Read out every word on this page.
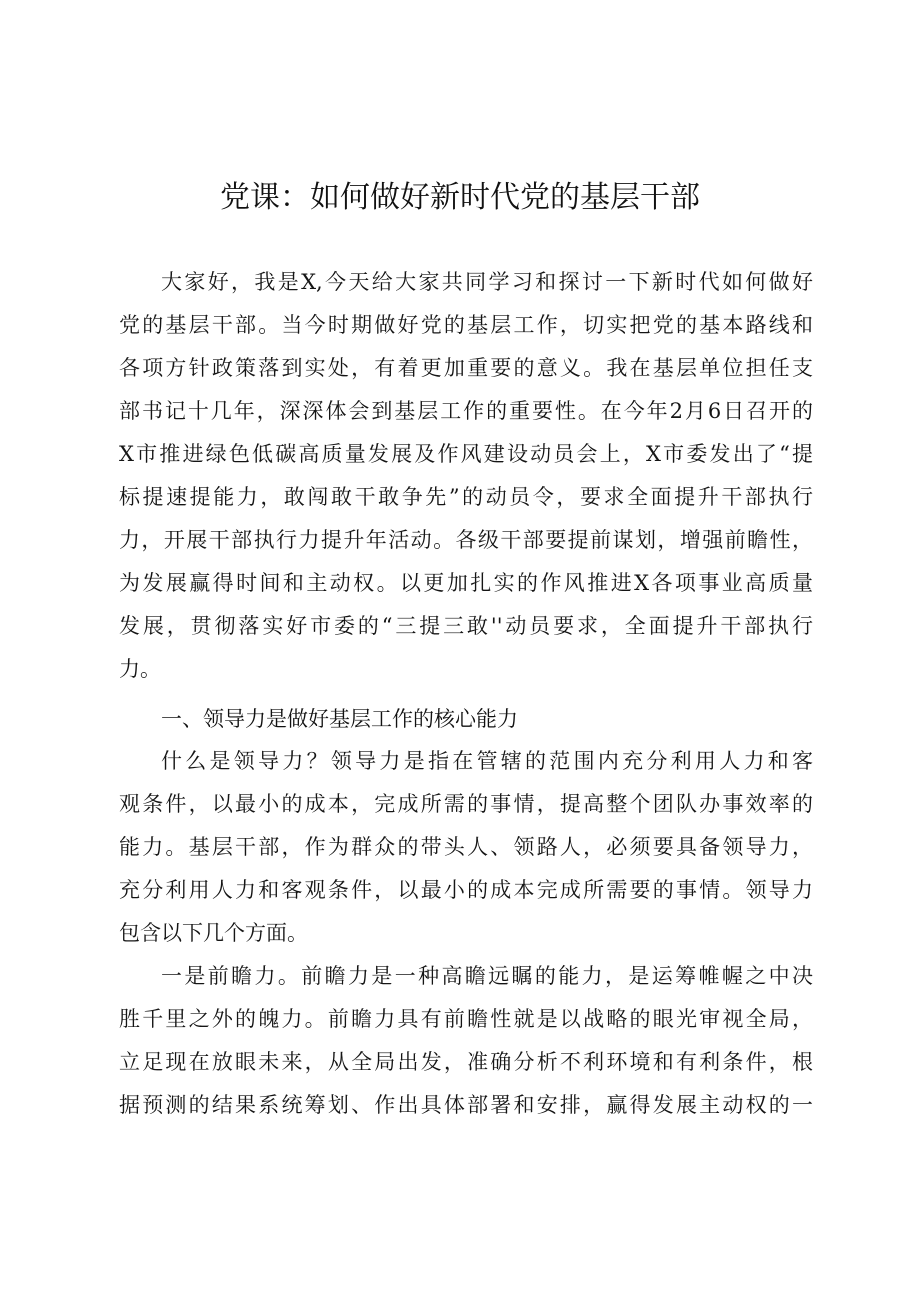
党课：如何做好新时代党的基层干部
大家好，我是X,今天给大家共同学习和探讨一下新时代如何做好
党的基层干部。当今时期做好党的基层工作，切实把党的基本路线和
各项方针政策落到实处，有着更加重要的意义。我在基层单位担任支
部书记十几年，深深体会到基层工作的重要性。在今年2月6日召开的
X市推进绿色低碳高质量发展及作风建设动员会上，X市委发出了“提
标提速提能力，敢闯敢干敢争先”的动员令，要求全面提升干部执行
力，开展干部执行力提升年活动。各级干部要提前谋划，增强前瞻性，
为发展赢得时间和主动权。以更加扎实的作风推进X各项事业高质量
发展，贯彻落实好市委的“三提三敢''动员要求，全面提升干部执行
力。
一、领导力是做好基层工作的核心能力
什么是领导力？领导力是指在管辖的范围内充分利用人力和客
观条件，以最小的成本，完成所需的事情，提高整个团队办事效率的
能力。基层干部，作为群众的带头人、领路人，必须要具备领导力，
充分利用人力和客观条件，以最小的成本完成所需要的事情。领导力
包含以下几个方面。
一是前瞻力。前瞻力是一种高瞻远瞩的能力，是运筹帷幄之中决
胜千里之外的魄力。前瞻力具有前瞻性就是以战略的眼光审视全局，
立足现在放眼未来，从全局出发，准确分析不利环境和有利条件，根
据预测的结果系统筹划、作出具体部署和安排，赢得发展主动权的一
